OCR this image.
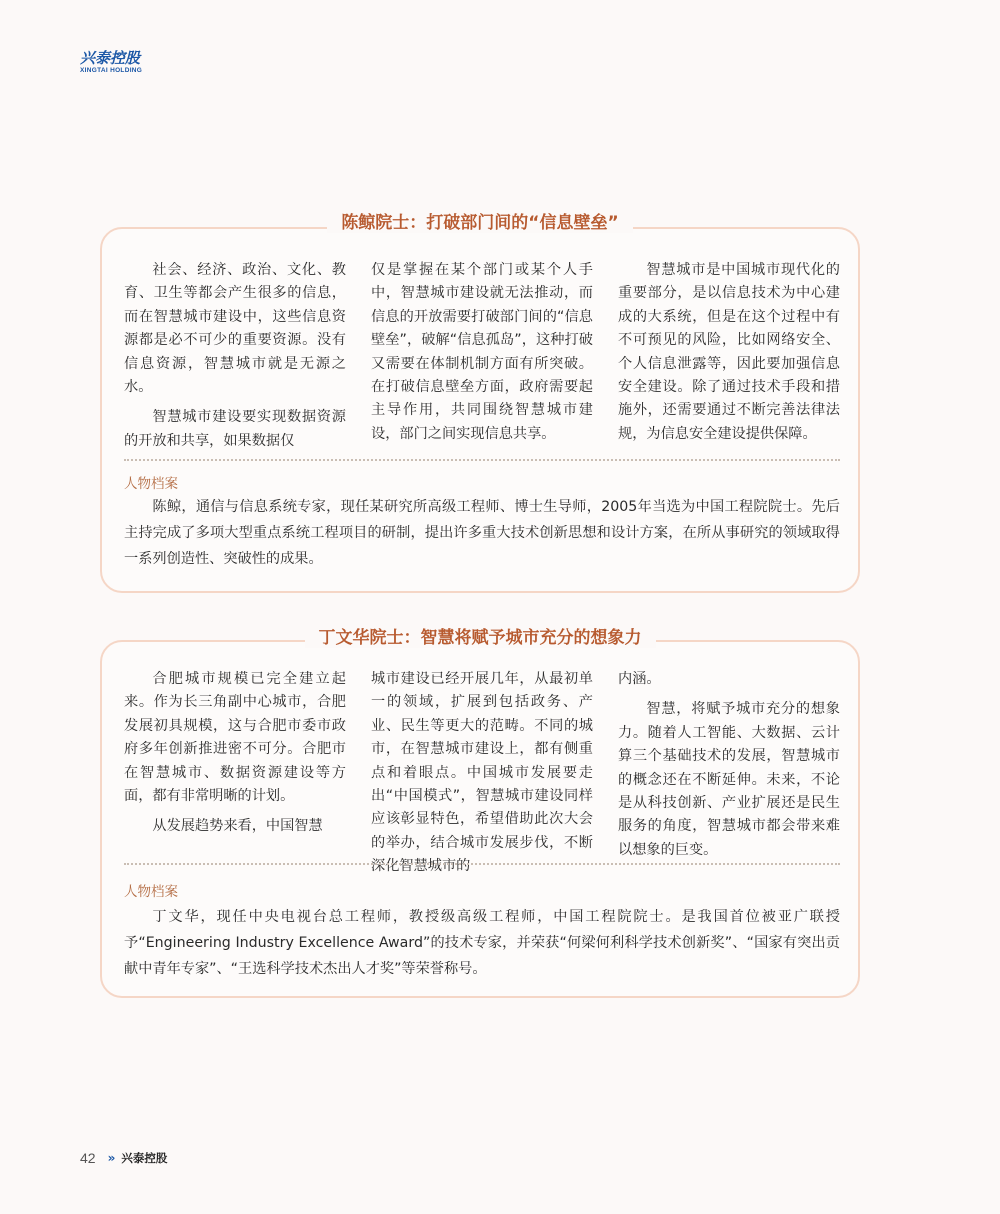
兴泰控股
XINGTAI HOLDING
陈鲸院士：打破部门间的“信息壁垒”

社会、经济、政治、文化、教育、卫生等都会产生很多的信息，而在智慧城市建设中，这些信息资源都是必不可少的重要资源。没有信息资源，智慧城市就是无源之水。

智慧城市建设要实现数据资源的开放和共享，如果数据仅

仅是掌握在某个部门或某个人手中，智慧城市建设就无法推动，而信息的开放需要打破部门间的“信息壁垒”，破解“信息孤岛”，这种打破又需要在体制机制方面有所突破。在打破信息壁垒方面，政府需要起主导作用，共同围绕智慧城市建设，部门之间实现信息共享。

智慧城市是中国城市现代化的重要部分，是以信息技术为中心建成的大系统，但是在这个过程中有不可预见的风险，比如网络安全、个人信息泄露等，因此要加强信息安全建设。除了通过技术手段和措施外，还需要通过不断完善法律法规，为信息安全建设提供保障。

人物档案
陈鲸，通信与信息系统专家，现任某研究所高级工程师、博士生导师，2005年当选为中国工程院院士。先后主持完成了多项大型重点系统工程项目的研制，提出许多重大技术创新思想和设计方案，在所从事研究的领域取得一系列创造性、突破性的成果。
丁文华院士：智慧将赋予城市充分的想象力

合肥城市规模已完全建立起来。作为长三角副中心城市，合肥发展初具规模，这与合肥市委市政府多年创新推进密不可分。合肥市在智慧城市、数据资源建设等方面，都有非常明晰的计划。

从发展趋势来看，中国智慧

城市建设已经开展几年，从最初单一的领域，扩展到包括政务、产业、民生等更大的范畴。不同的城市，在智慧城市建设上，都有侧重点和着眼点。中国城市发展要走出“中国模式”，智慧城市建设同样应该彰显特色，希望借助此次大会的举办，结合城市发展步伐，不断深化智慧城市的

内涵。

智慧，将赋予城市充分的想象力。随着人工智能、大数据、云计算三个基础技术的发展，智慧城市的概念还在不断延伸。未来，不论是从科技创新、产业扩展还是民生服务的角度，智慧城市都会带来难以想象的巨变。

人物档案
丁文华，现任中央电视台总工程师，教授级高级工程师，中国工程院院士。是我国首位被亚广联授予“Engineering Industry Excellence Award”的技术专家，并荣获“何梁何利科学技术创新奖”、“国家有突出贡献中青年专家”、“王选科学技术杰出人才奖”等荣誉称号。
42 » 兴泰控股
